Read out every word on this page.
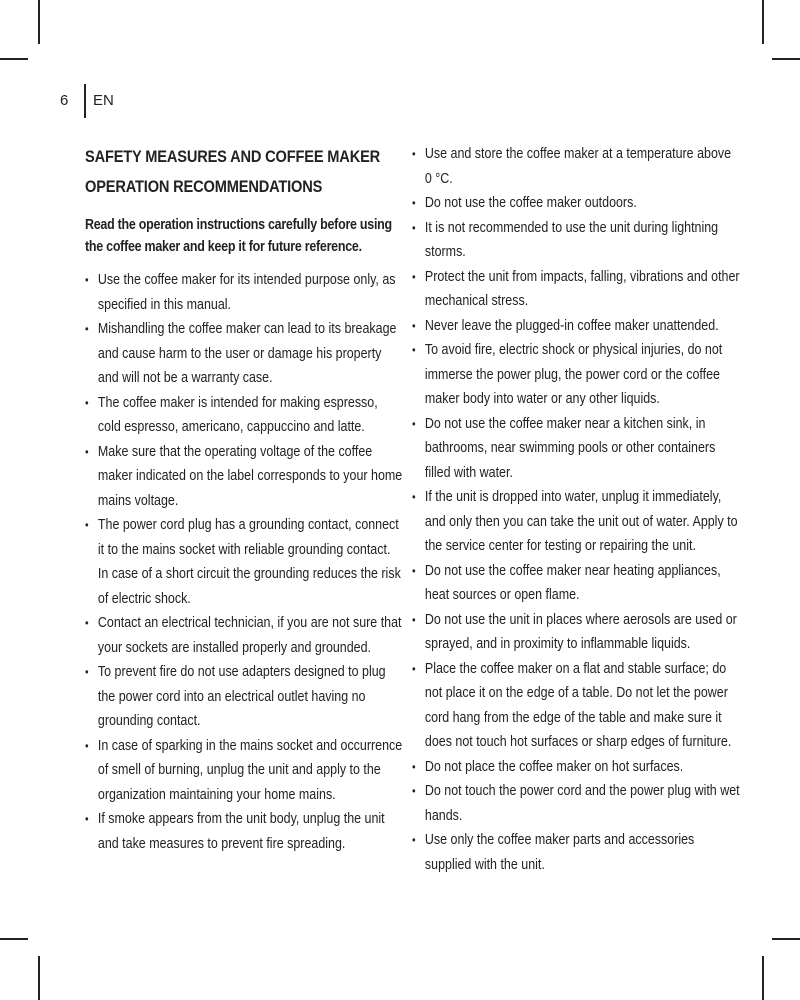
6 EN
SAFETY MEASURES AND COFFEE MAKER OPERATION RECOMMENDATIONS

Read the operation instructions carefully before using the coffee maker and keep it for future reference.

• Use the coffee maker for its intended purpose only, as specified in this manual.
• Mishandling the coffee maker can lead to its breakage and cause harm to the user or damage his property and will not be a warranty case.
• The coffee maker is intended for making espresso, cold espresso, americano, cappuccino and latte.
• Make sure that the operating voltage of the coffee maker indicated on the label corresponds to your home mains voltage.
• The power cord plug has a grounding contact, connect it to the mains socket with reliable grounding contact. In case of a short circuit the grounding reduces the risk of electric shock.
• Contact an electrical technician, if you are not sure that your sockets are installed properly and grounded.
• To prevent fire do not use adapters designed to plug the power cord into an electrical outlet having no grounding contact.
• In case of sparking in the mains socket and occurrence of smell of burning, unplug the unit and apply to the organization maintaining your home mains.
• If smoke appears from the unit body, unplug the unit and take measures to prevent fire spreading.
• Use and store the coffee maker at a temperature above 0 °C.
• Do not use the coffee maker outdoors.
• It is not recommended to use the unit during lightning storms.
• Protect the unit from impacts, falling, vibrations and other mechanical stress.
• Never leave the plugged-in coffee maker unattended.
• To avoid fire, electric shock or physical injuries, do not immerse the power plug, the power cord or the coffee maker body into water or any other liquids.
• Do not use the coffee maker near a kitchen sink, in bathrooms, near swimming pools or other containers filled with water.
• If the unit is dropped into water, unplug it immediately, and only then you can take the unit out of water. Apply to the service center for testing or repairing the unit.
• Do not use the coffee maker near heating appliances, heat sources or open flame.
• Do not use the unit in places where aerosols are used or sprayed, and in proximity to inflammable liquids.
• Place the coffee maker on a flat and stable surface; do not place it on the edge of a table. Do not let the power cord hang from the edge of the table and make sure it does not touch hot surfaces or sharp edges of furniture.
• Do not place the coffee maker on hot surfaces.
• Do not touch the power cord and the power plug with wet hands.
• Use only the coffee maker parts and accessories supplied with the unit.
